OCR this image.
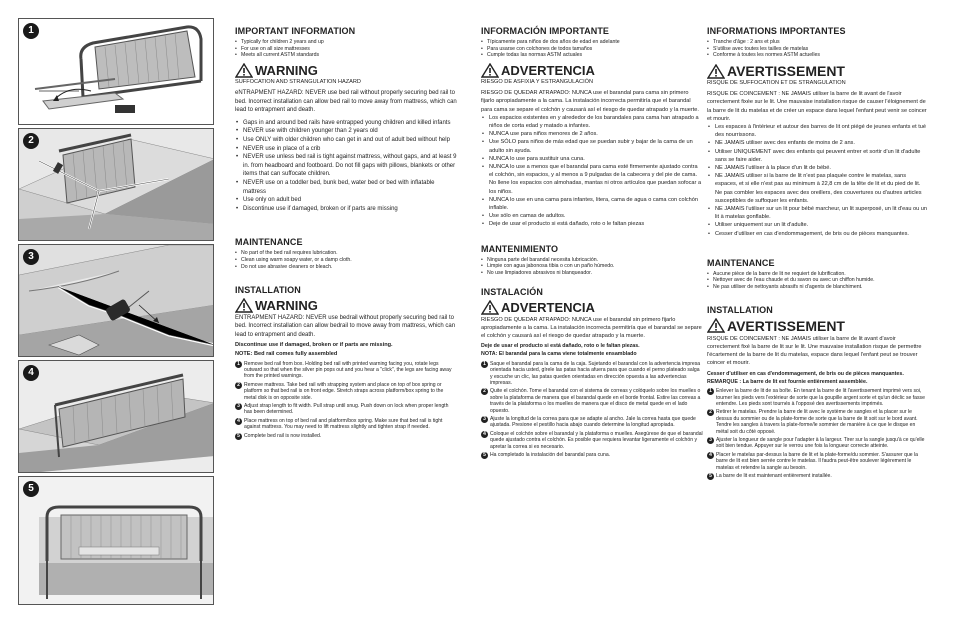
1
2
3
4
5
IMPORTANT INFORMATION
• Typically for children 2 years and up
• For use on all size mattresses
• Meets all current ASTM standards
WARNING
SUFFOCATION AND STRANGULATION HAZARD
eNTRAPMENT HAZARD: NEVER use bed rail without properly securing bed rail to bed. Incorrect installation can allow bed rail to move away from mattress, which can lead to entrapment and death.
• Gaps in and around bed rails have entrapped young children and killed infants
• NEVER use with children younger than 2 years old
• Use ONLY with older children who can get in and out of adult bed without help
• NEVER use in place of a crib
• NEVER use unless bed rail is tight against mattress, without gaps, and at least 9 in. from headboard and footboard. Do not fill gaps with pillows, blankets or other items that can suffocate children.
• NEVER use on a toddler bed, bunk bed, water bed or bed with inflatable mattress
• Use only on adult bed
• Discontinue use if damaged, broken or if parts are missing
MAINTENANCE
• No part of the bed rail requires lubrication.
• Clean using warm soapy water, or a damp cloth.
• Do not use abrasive cleaners or bleach.
INSTALLATION
WARNING
ENTRAPMENT HAZARD: NEVER use bedrail without properly securing bed rail to bed. Incorrect installation can allow bedrail to move away from mattress, which can lead to entrapment and death.
Discontinue use if damaged, broken or if parts are missing.
NOTE: Bed rail comes fully assembled
1 Remove bed rail from box. Holding bed rail with printed warning facing you, rotate legs outward so that when the silver pin pops out and you hear a "click", the legs are facing away from the printed warnings.
2 Remove mattress. Take bed rail with strapping system and place on top of box spring or platform so that bed rail is on front edge. Stretch straps across platform/box spring to the metal disk is on opposite side.
3 Adjust strap length to fit width. Pull strap until snug. Push down on lock when proper length has been determined.
4 Place mattress on top of bed rail and platform/box spring. Make sure that bed rail is tight against mattress. You may need to lift mattress slightly and tighten strap if needed.
5 Complete bed rail is now installed.
INFORMACIÓN IMPORTANTE
• Típicamente para niños de dos años de edad en adelante
• Para usarse con colchones de todos tamaños
• Cumple todas las normas ASTM actuales
ADVERTENCIA
RIESGO DE ASFIXIA Y ESTRANGULACIÓN
RIESGO DE QUEDAR ATRAPADO: NUNCA use el barandal para cama sin primero fijarlo apropiadamente a la cama. La instalación incorrecta permitiría que el barandal para cama se separe el colchón y causará así el riesgo de quedar atrapado y la muerte.
• Los espacios existentes en y alrededor de los barandales para cama han atrapado a niños de corta edad y matado a infantes.
• NUNCA use para niños menores de 2 años.
• Use SÓLO para niños de más edad que se puedan subir y bajar de la cama de un adulto sin ayuda.
• NUNCA lo use para sustituir una cuna.
• NUNCA lo use a menos que el barandal para cama esté firmemente ajustado contra el colchón, sin espacios, y al menos a 9 pulgadas de la cabecera y del pie de cama. No llene los espacios con almohadas, mantas ni otros artículos que puedan sofocar a los niños.
• NUNCA lo use en una cama para infantes, litera, cama de agua o cama con colchón inflable.
• Use sólo en camas de adultos.
• Deje de usar el producto si está dañado, roto o le faltan piezas
MANTENIMIENTO
• Ninguna parte del barandal necesita lubricación.
• Limpie con agua jabonosa tibia o con un paño húmedo.
• No use limpiadores abrasivos ni blanqueador.
INSTALACIÓN
ADVERTENCIA
RIESGO DE QUEDAR ATRAPADO: NUNCA use el barandal sin primero fijarlo apropiadamente a la cama. La instalación incorrecta permitiría que el barandal se separe el colchón y causará así el riesgo de quedar atrapado y la muerte.
Deje de usar el producto si está dañado, roto o le faltan piezas.
NOTA: El barandal para la cama viene totalmente ensamblado
1 Saque el barandal para la cama de la caja. Sujetando el barandal con la advertencia impresa orientada hacia usted, gírele las patas hacia afuera para que cuando el perno plateado salga y escuche un clic, las patas queden orientadas en dirección opuesta a las advertencias impresas.
2 Quite el colchón. Tome el barandal con el sistema de correas y colóquelo sobre los muelles o sobre la plataforma de manera que el barandal quede en el borde frontal. Estire las correas a través de la plataforma o los muelles de manera que el disco de metal quede en el lado opuesto.
3 Ajuste la longitud de la correa para que se adapte al ancho. Jale la correa hasta que quede ajustada. Presione el pestillo hacia abajo cuando determine la longitud apropiada.
4 Coloque el colchón sobre el barandal y la plataforma o muelles. Asegúrese de que el barandal quede ajustado contra el colchón. Es posible que requiera levantar ligeramente el colchón y apretar la correa si es necesario.
5 Ha completado la instalación del barandal para cuna.
INFORMATIONS IMPORTANTES
• Tranche d'âge : 2 ans et plus
• S'utilise avec toutes les tailles de matelas
• Conforme à toutes les normes ASTM actuelles
AVERTISSEMENT
RISQUE DE SUFFOCATION ET DE STRANGULATION
RISQUE DE COINCEMENT : NE JAMAIS utiliser la barre de lit avant de l'avoir correctement fixée sur le lit. Une mauvaise installation risque de causer l'éloignement de la barre de lit du matelas et de créer un espace dans lequel l'enfant peut venir se coincer et mourir.
• Les espaces à l'intérieur et autour des barres de lit ont piégé de jeunes enfants et tué des nourrissons.
• NE JAMAIS utiliser avec des enfants de moins de 2 ans.
• Utiliser UNIQUEMENT avec des enfants qui peuvent entrer et sortir d'un lit d'adulte sans se faire aider.
• NE JAMAIS l'utiliser à la place d'un lit de bébé.
• NE JAMAIS utiliser si la barre de lit n'est pas plaquée contre le matelas, sans espaces, et si elle n'est pas au minimum à 22,8 cm de la tête de lit et du pied de lit. Ne pas combler les espaces avec des oreillers, des couvertures ou d'autres articles susceptibles de suffoquer les enfants.
• NE JAMAIS l'utiliser sur un lit pour bébé marcheur, un lit superposé, un lit d'eau ou un lit à matelas gonflable.
• Utiliser uniquement sur un lit d'adulte.
• Cesser d'utiliser en cas d'endommagement, de bris ou de pièces manquantes.
MAINTENANCE
• Aucune pièce de la barre de lit ne requiert de lubrification.
• Nettoyer avec de l'eau chaude et du savon ou avec un chiffon humide.
• Ne pas utiliser de nettoyants abrasifs ni d'agents de blanchiment.
INSTALLATION
AVERTISSEMENT
RISQUE DE COINCEMENT : NE JAMAIS utiliser la barre de lit avant d'avoir correctement fixé la barre de lit sur le lit. Une mauvaise installation risque de permettre l'écartement de la barre de lit du matelas, espace dans lequel l'enfant peut se trouver coincer et mourir.
Cesser d'utiliser en cas d'endommagement, de bris ou de pièces manquantes.
REMARQUE : La barre de lit est fournie entièrement assemblée.
1 Enlever la barre de lit de sa boîte. En tenant la barre de lit l'avertissement imprimé vers soi, tourner les pieds vers l'extérieur de sorte que la goupille argent sorte et qu'un déclic se fasse entendre. Les pieds sont tournés à l'opposé des avertissements imprimés.
2 Retirer le matelas. Prendre la barre de lit avec le système de sangles et la placer sur le dessus du sommier ou de la plate-forme de sorte que la barre de lit soit sur le bord avant. Tendre les sangles à travers la plate-forme/le sommier de manière à ce que le disque en métal soit du côté opposé.
3 Ajuster la longueur de sangle pour l'adapter à la largeur. Tirer sur la sangle jusqu'à ce qu'elle soit bien tendue. Appuyer sur le verrou une fois la longueur correcte atteinte.
4 Placer le matelas par-dessus la barre de lit et la plate-forme/du sommier. S'assurer que la barre de lit est bien serrée contre le matelas. Il faudra peut-être soulever légèrement le matelas et retendre la sangle au besoin.
5 La barre de lit est maintenant entièrement installée.
